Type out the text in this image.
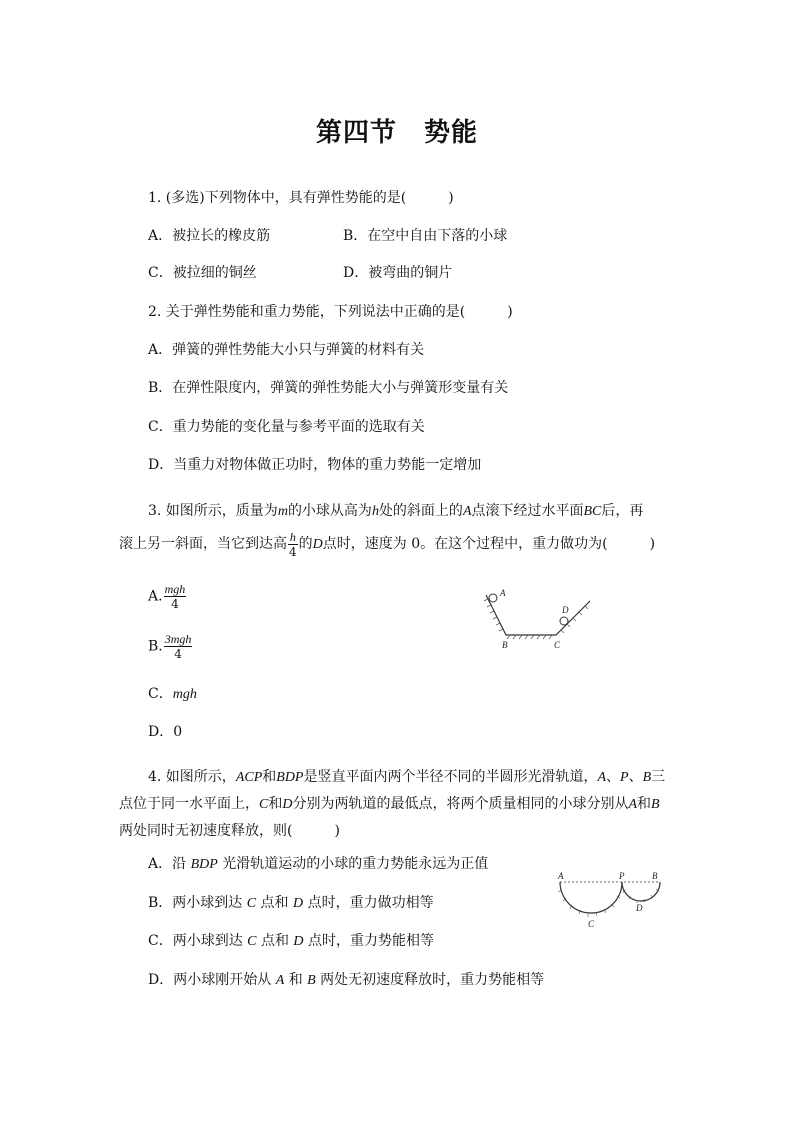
第四节　势能
1. (多选)下列物体中，具有弹性势能的是(　　　)
A．被拉长的橡皮筋	B．在空中自由下落的小球
C．被拉细的铜丝	D．被弯曲的铜片
2. 关于弹性势能和重力势能，下列说法中正确的是(　　　)
A．弹簧的弹性势能大小只与弹簧的材料有关
B．在弹性限度内，弹簧的弹性势能大小与弹簧形变量有关
C．重力势能的变化量与参考平面的选取有关
D．当重力对物体做正功时，物体的重力势能一定增加
3. 如图所示，质量为m的小球从高为h处的斜面上的A点滚下经过水平面BC后，再
滚上另一斜面，当它到达高 $\frac{h}{4}$ 的D点时，速度为 0。在这个过程中，重力做功为(　　　)
A. $\frac{\text{mgh}}{4}$
B. $\frac{\text{3mgh}}{4}$
C．mgh
D．0
A
B	C
D
4. 如图所示，ACP和BDP是竖直平面内两个半径不同的半圆形光滑轨道，A、P、B三
点位于同一水平面上，C和D分别为两轨道的最低点，将两个质量相同的小球分别从A和B
两处同时无初速度释放，则(　　　)
A．沿 BDP 光滑轨道运动的小球的重力势能永远为正值
B．两小球到达 C 点和 D 点时，重力做功相等
C．两小球到达 C 点和 D 点时，重力势能相等
D．两小球刚开始从 A 和 B 两处无初速度释放时，重力势能相等
A	P	B
C
D
